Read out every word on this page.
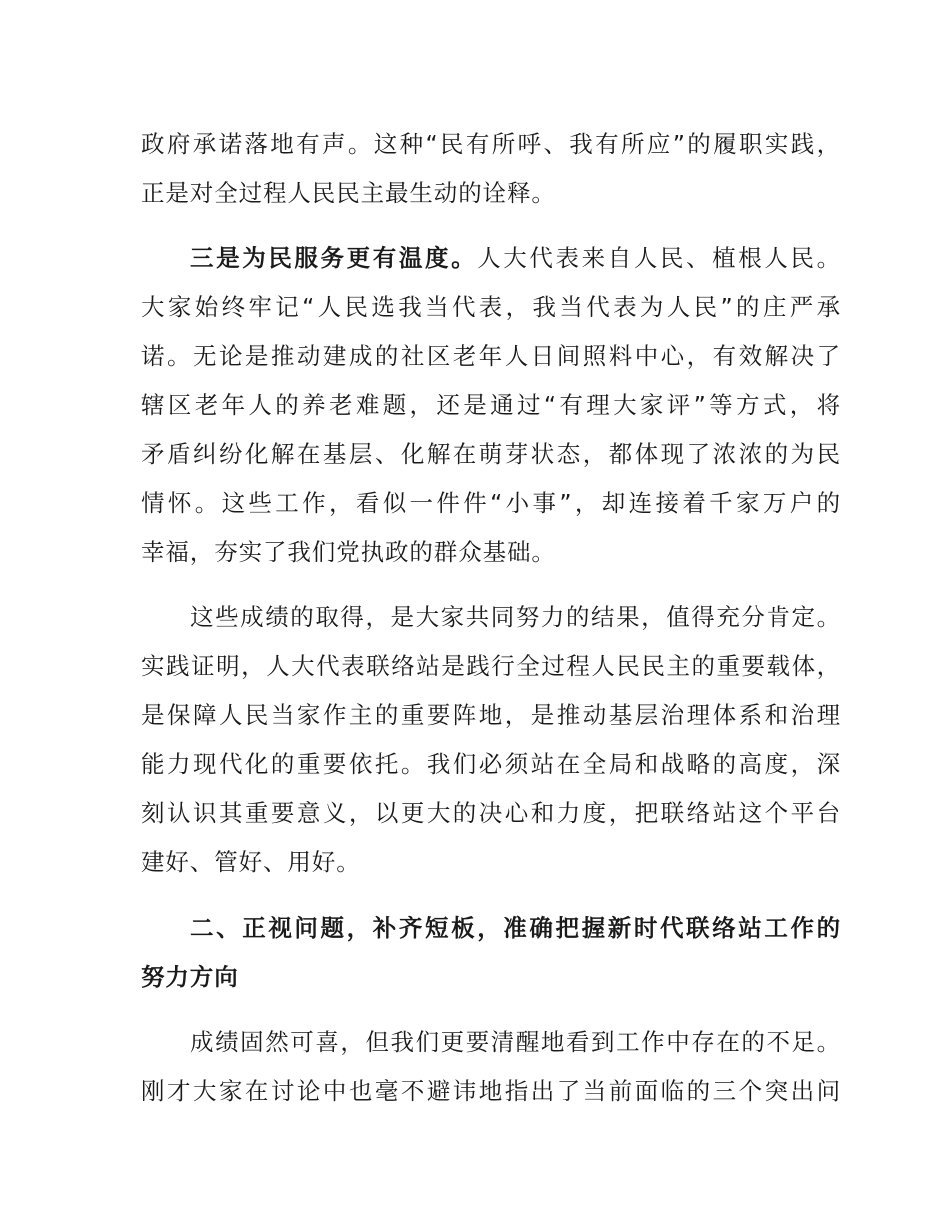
政府承诺落地有声。这种“民有所呼、我有所应”的履职实践，
正是对全过程人民民主最生动的诠释。
三是为民服务更有温度。人大代表来自人民、植根人民。
大家始终牢记“人民选我当代表，我当代表为人民”的庄严承
诺。无论是推动建成的社区老年人日间照料中心，有效解决了
辖区老年人的养老难题，还是通过“有理大家评”等方式，将
矛盾纠纷化解在基层、化解在萌芽状态，都体现了浓浓的为民
情怀。这些工作，看似一件件“小事”，却连接着千家万户的
幸福，夯实了我们党执政的群众基础。
这些成绩的取得，是大家共同努力的结果，值得充分肯定。
实践证明，人大代表联络站是践行全过程人民民主的重要载体，
是保障人民当家作主的重要阵地，是推动基层治理体系和治理
能力现代化的重要依托。我们必须站在全局和战略的高度，深
刻认识其重要意义，以更大的决心和力度，把联络站这个平台
建好、管好、用好。
二、正视问题，补齐短板，准确把握新时代联络站工作的
努力方向
成绩固然可喜，但我们更要清醒地看到工作中存在的不足。
刚才大家在讨论中也毫不避讳地指出了当前面临的三个突出问
